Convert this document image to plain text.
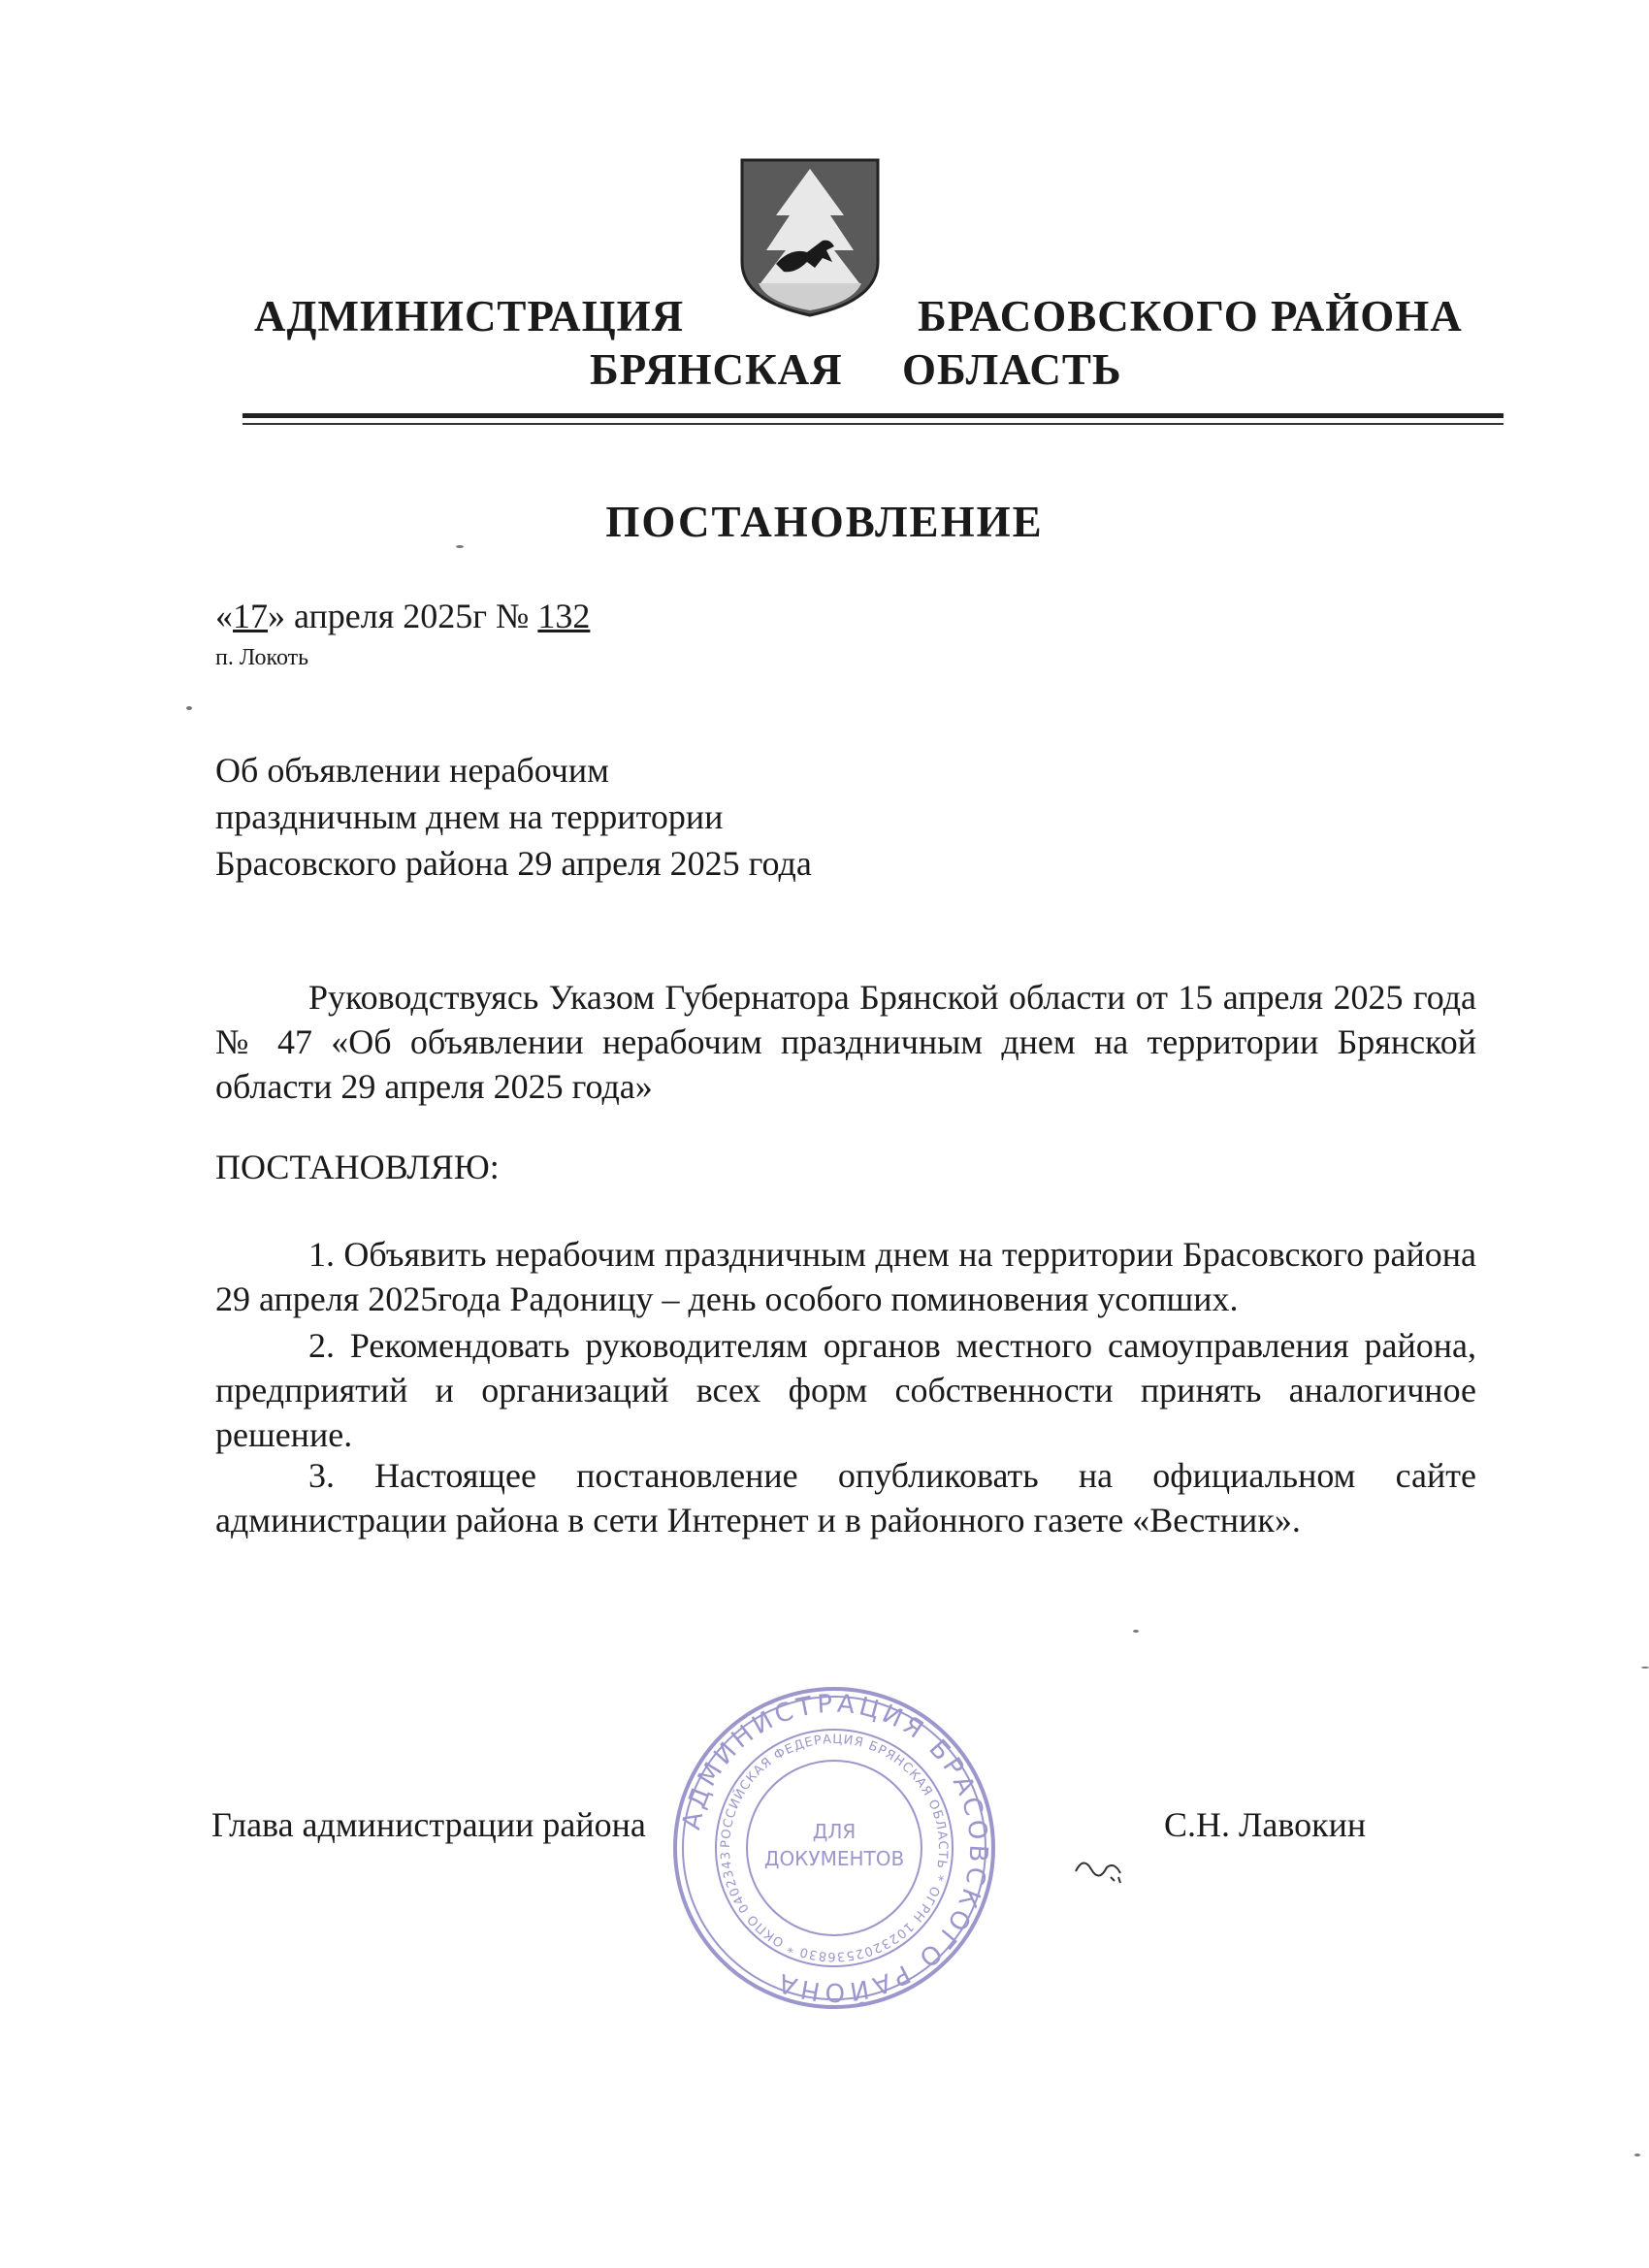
АДМИНИСТРАЦИЯ	БРАСОВСКОГО РАЙОНА
БРЯНСКАЯ ОБЛАСТЬ
ПОСТАНОВЛЕНИЕ
«17» апреля 2025г № 132
п. Локоть
Об объявлении нерабочим
праздничным днем на территории
Брасовского района 29 апреля 2025 года
Руководствуясь Указом Губернатора Брянской области от 15 апреля 2025 года № 47 «Об объявлении нерабочим праздничным днем на территории Брянской области 29 апреля 2025 года»
ПОСТАНОВЛЯЮ:
1. Объявить нерабочим праздничным днем на территории Брасовского района 29 апреля 2025года Радоницу – день особого поминовения усопших.
2. Рекомендовать руководителям органов местного самоуправления района, предприятий и организаций всех форм собственности принять аналогичное решение.
3. Настоящее постановление опубликовать на официальном сайте администрации района в сети Интернет и в районного газете «Вестник».
АДМИНИСТРАЦИЯ БРАСОВСКОГО РАЙОНА
РОССИЙСКАЯ ФЕДЕРАЦИЯ БРЯНСКАЯ ОБЛАСТЬ * ОГРН 1023202536830 * ОКПО 0402343
ДЛЯ
ДОКУМЕНТОВ
Глава администрации района	С.Н. Лавокин
